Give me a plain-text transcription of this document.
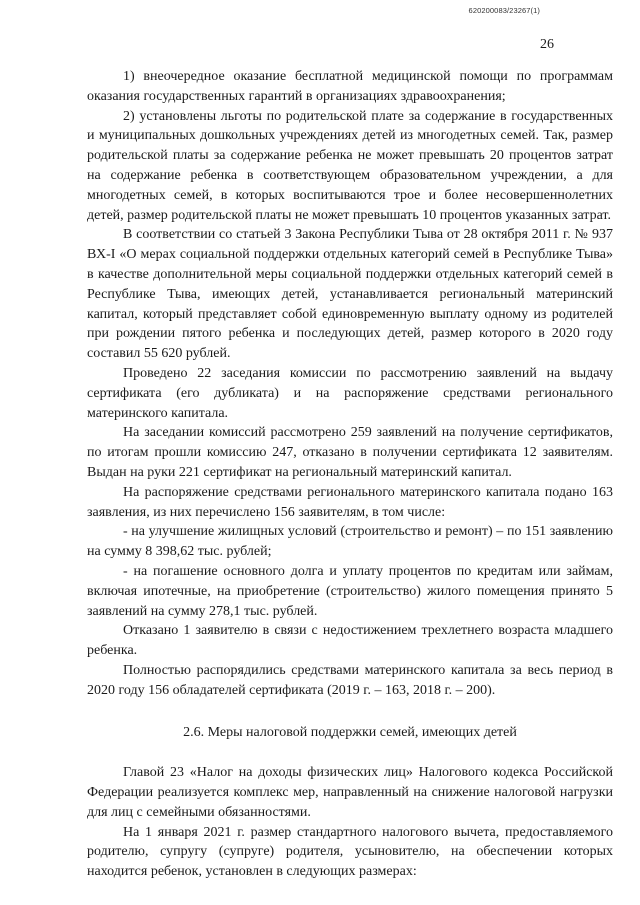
620200083/23267(1)
26

1) внеочередное оказание бесплатной медицинской помощи по программам оказания государственных гарантий в организациях здравоохранения;

2) установлены льготы по родительской плате за содержание в государственных и муниципальных дошкольных учреждениях детей из многодетных семей. Так, размер родительской платы за содержание ребенка не может превышать 20 процентов затрат на содержание ребенка в соответствующем образовательном учреждении, а для многодетных семей, в которых воспитываются трое и более несовершеннолетних детей, размер родительской платы не может превышать 10 процентов указанных затрат.

В соответствии со статьей 3 Закона Республики Тыва от 28 октября 2011 г. № 937 ВХ-I «О мерах социальной поддержки отдельных категорий семей в Республике Тыва» в качестве дополнительной меры социальной поддержки отдельных категорий семей в Республике Тыва, имеющих детей, устанавливается региональный материнский капитал, который представляет собой единовременную выплату одному из родителей при рождении пятого ребенка и последующих детей, размер которого в 2020 году составил 55 620 рублей.

Проведено 22 заседания комиссии по рассмотрению заявлений на выдачу сертификата (его дубликата) и на распоряжение средствами регионального материнского капитала.

На заседании комиссий рассмотрено 259 заявлений на получение сертификатов, по итогам прошли комиссию 247, отказано в получении сертификата 12 заявителям. Выдан на руки 221 сертификат на региональный материнский капитал.

На распоряжение средствами регионального материнского капитала подано 163 заявления, из них перечислено 156 заявителям, в том числе:

- на улучшение жилищных условий (строительство и ремонт) – по 151 заявлению на сумму 8 398,62 тыс. рублей;

- на погашение основного долга и уплату процентов по кредитам или займам, включая ипотечные, на приобретение (строительство) жилого помещения принято 5 заявлений на сумму 278,1 тыс. рублей.

Отказано 1 заявителю в связи с недостижением трехлетнего возраста младшего ребенка.

Полностью распорядились средствами материнского капитала за весь период в 2020 году 156 обладателей сертификата (2019 г. – 163, 2018 г. – 200).

2.6. Меры налоговой поддержки семей, имеющих детей

Главой 23 «Налог на доходы физических лиц» Налогового кодекса Российской Федерации реализуется комплекс мер, направленный на снижение налоговой нагрузки для лиц с семейными обязанностями.

На 1 января 2021 г. размер стандартного налогового вычета, предоставляемого родителю, супругу (супруге) родителя, усыновителю, на обеспечении которых находится ребенок, установлен в следующих размерах:
